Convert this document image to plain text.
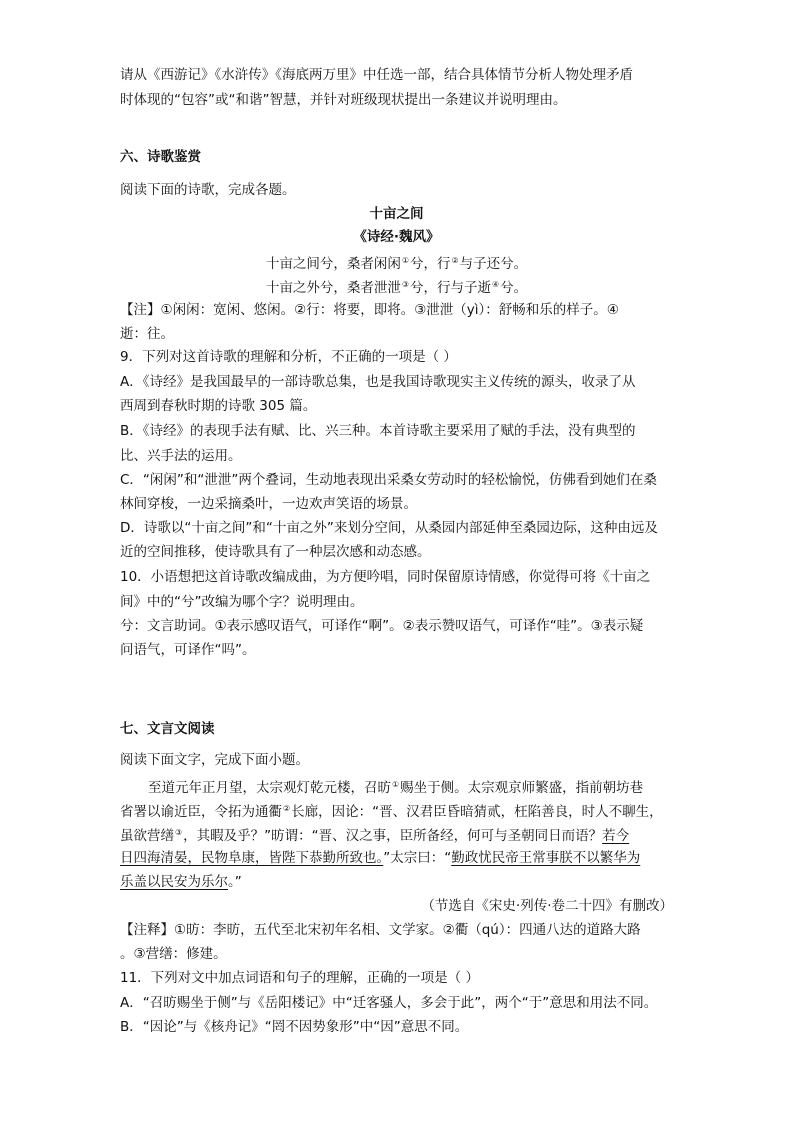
请从《西游记》《水浒传》《海底两万里》中任选一部，结合具体情节分析人物处理矛盾
时体现的“包容”或“和谐”智慧，并针对班级现状提出一条建议并说明理由。
六、诗歌鉴赏
阅读下面的诗歌，完成各题。
十亩之间
《诗经·魏风》
十亩之间兮，桑者闲闲①兮，行②与子还兮。
十亩之外兮，桑者泄泄③兮，行与子逝④兮。
【注】①闲闲：宽闲、悠闲。②行：将要，即将。③泄泄（yì）：舒畅和乐的样子。④
逝：往。
9．下列对这首诗歌的理解和分析，不正确的一项是（ ）
A．《诗经》是我国最早的一部诗歌总集，也是我国诗歌现实主义传统的源头，收录了从
西周到春秋时期的诗歌 305 篇。
B．《诗经》的表现手法有赋、比、兴三种。本首诗歌主要采用了赋的手法，没有典型的
比、兴手法的运用。
C．“闲闲”和“泄泄”两个叠词，生动地表现出采桑女劳动时的轻松愉悦，仿佛看到她们在桑
林间穿梭，一边采摘桑叶，一边欢声笑语的场景。
D．诗歌以“十亩之间”和“十亩之外”来划分空间，从桑园内部延伸至桑园边际，这种由远及
近的空间推移，使诗歌具有了一种层次感和动态感。
10．小语想把这首诗歌改编成曲，为方便吟唱，同时保留原诗情感，你觉得可将《十亩之
间》中的“兮”改编为哪个字？说明理由。
兮：文言助词。①表示感叹语气，可译作“啊”。②表示赞叹语气，可译作“哇”。③表示疑
问语气，可译作“吗”。
七、文言文阅读
阅读下面文字，完成下面小题。
至道元年正月望，太宗观灯乾元楼，召昉①赐坐于侧。太宗观京师繁盛，指前朝坊巷
省署以谕近臣，令拓为通衢②长廊，因论：“晋、汉君臣昏暗猜贰，枉陷善良，时人不聊生，
虽欲营缮③，其暇及乎？”昉谓：“晋、汉之事，臣所备经，何可与圣朝同日而语？若今
日四海清晏，民物阜康，皆陛下恭勤所致也。”太宗曰：“勤政忧民帝王常事朕不以繁华为
乐盖以民安为乐尔。”
（节选自《宋史·列传·卷二十四》有删改）
【注释】①昉：李昉，五代至北宋初年名相、文学家。②衢（qú）：四通八达的道路大路
。③营缮：修建。
11．下列对文中加点词语和句子的理解，正确的一项是（ ）
A．“召昉赐坐于侧”与《岳阳楼记》中“迁客骚人，多会于此”，两个“于”意思和用法不同。
B．“因论”与《核舟记》“罔不因势象形”中“因”意思不同。
